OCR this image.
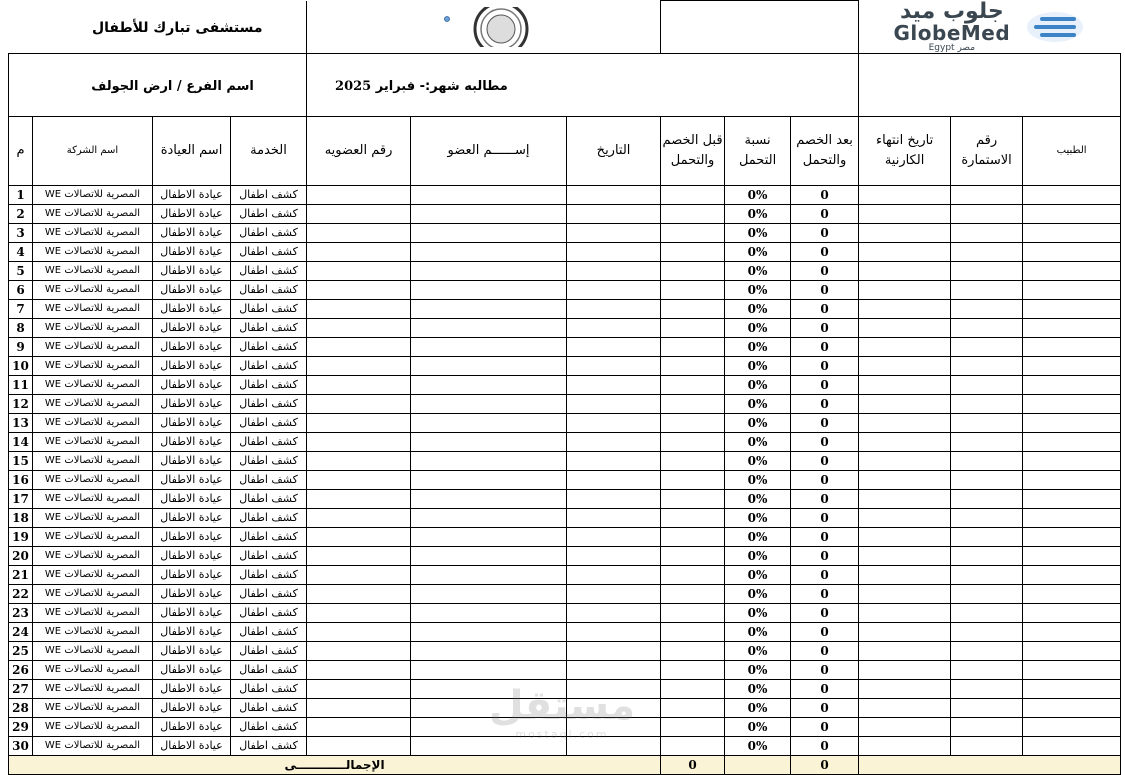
مستشفى تبارك للأطفال										جلوب ميد
GlobeMed
Egypt مصر		

اسم الفرع / ارض الجولف				2025 مطالبه شهر:- فبراير								
م	اسم الشركة	اسم العيادة	الخدمة	رقم العضويه	إســــــم العضو	التاريخ	قبل الخصم والتحمل	نسبة التحمل	بعد الخصم والتحمل	تاريخ انتهاء الكارنية	رقم الاستمارة	الطبيب
1	WE المصرية للاتصالات	عيادة الاطفال	كشف اطفال					0%	0			
2	WE المصرية للاتصالات	عيادة الاطفال	كشف اطفال					0%	0			
3	WE المصرية للاتصالات	عيادة الاطفال	كشف اطفال					0%	0			
4	WE المصرية للاتصالات	عيادة الاطفال	كشف اطفال					0%	0			
5	WE المصرية للاتصالات	عيادة الاطفال	كشف اطفال					0%	0			
6	WE المصرية للاتصالات	عيادة الاطفال	كشف اطفال					0%	0			
7	WE المصرية للاتصالات	عيادة الاطفال	كشف اطفال					0%	0			
8	WE المصرية للاتصالات	عيادة الاطفال	كشف اطفال					0%	0			
9	WE المصرية للاتصالات	عيادة الاطفال	كشف اطفال					0%	0			
10	WE المصرية للاتصالات	عيادة الاطفال	كشف اطفال					0%	0			
11	WE المصرية للاتصالات	عيادة الاطفال	كشف اطفال					0%	0			
12	WE المصرية للاتصالات	عيادة الاطفال	كشف اطفال					0%	0			
13	WE المصرية للاتصالات	عيادة الاطفال	كشف اطفال					0%	0			
14	WE المصرية للاتصالات	عيادة الاطفال	كشف اطفال					0%	0			
15	WE المصرية للاتصالات	عيادة الاطفال	كشف اطفال					0%	0			
16	WE المصرية للاتصالات	عيادة الاطفال	كشف اطفال					0%	0			
17	WE المصرية للاتصالات	عيادة الاطفال	كشف اطفال					0%	0			
18	WE المصرية للاتصالات	عيادة الاطفال	كشف اطفال					0%	0			
19	WE المصرية للاتصالات	عيادة الاطفال	كشف اطفال					0%	0			
20	WE المصرية للاتصالات	عيادة الاطفال	كشف اطفال					0%	0			
21	WE المصرية للاتصالات	عيادة الاطفال	كشف اطفال					0%	0			
22	WE المصرية للاتصالات	عيادة الاطفال	كشف اطفال					0%	0			
23	WE المصرية للاتصالات	عيادة الاطفال	كشف اطفال					0%	0			
24	WE المصرية للاتصالات	عيادة الاطفال	كشف اطفال					0%	0			
25	WE المصرية للاتصالات	عيادة الاطفال	كشف اطفال					0%	0			
26	WE المصرية للاتصالات	عيادة الاطفال	كشف اطفال					0%	0			
27	WE المصرية للاتصالات	عيادة الاطفال	كشف اطفال					0%	0			
28	WE المصرية للاتصالات	عيادة الاطفال	كشف اطفال					0%	0			
29	WE المصرية للاتصالات	عيادة الاطفال	كشف اطفال					0%	0			
30	WE المصرية للاتصالات	عيادة الاطفال	كشف اطفال					0%	0			
الإجمالــــــــــــى							0		0			
مستقل
mostaql.com
